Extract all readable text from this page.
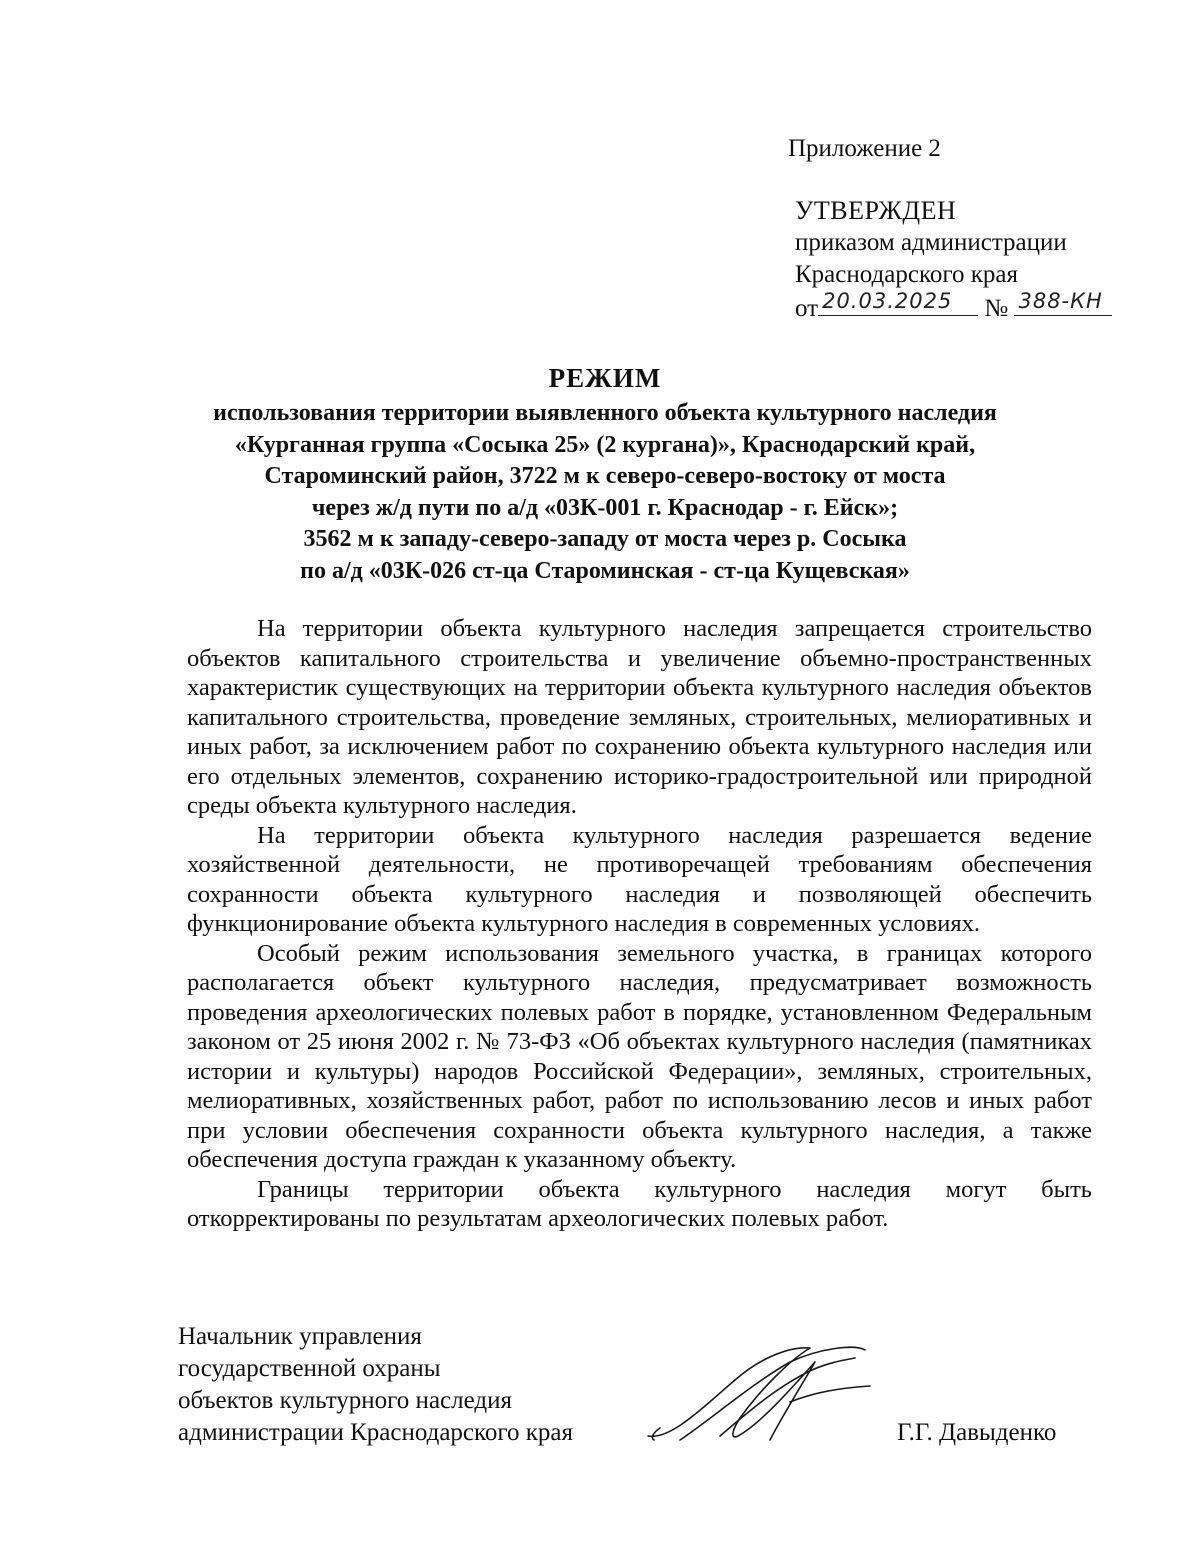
Приложение 2
УТВЕРЖДЕН
приказом администрации
Краснодарского края
от 20.03.2025 № 388-КН
РЕЖИМ
использования территории выявленного объекта культурного наследия
«Курганная группа «Сосыка 25» (2 кургана)», Краснодарский край,
Староминский район, 3722 м к северо-северо-востоку от моста
через ж/д пути по а/д «03К-001 г. Краснодар - г. Ейск»;
3562 м к западу-северо-западу от моста через р. Сосыка
по а/д «03К-026 ст-ца Староминская - ст-ца Кущевская»

На территории объекта культурного наследия запрещается строительство объектов капитального строительства и увеличение объемно-пространственных характеристик существующих на территории объекта культурного наследия объектов капитального строительства, проведение земляных, строительных, мелиоративных и иных работ, за исключением работ по сохранению объекта культурного наследия или его отдельных элементов, сохранению историко-градостроительной или природной среды объекта культурного наследия.

На территории объекта культурного наследия разрешается ведение хозяйственной деятельности, не противоречащей требованиям обеспечения сохранности объекта культурного наследия и позволяющей обеспечить функционирование объекта культурного наследия в современных условиях.

Особый режим использования земельного участка, в границах которого располагается объект культурного наследия, предусматривает возможность проведения археологических полевых работ в порядке, установленном Федеральным законом от 25 июня 2002 г. № 73-ФЗ «Об объектах культурного наследия (памятниках истории и культуры) народов Российской Федерации», земляных, строительных, мелиоративных, хозяйственных работ, работ по использованию лесов и иных работ при условии обеспечения сохранности объекта культурного наследия, а также обеспечения доступа граждан к указанному объекту.

Границы территории объекта культурного наследия могут быть откорректированы по результатам археологических полевых работ.

Начальник управления
государственной охраны
объектов культурного наследия
администрации Краснодарского края	Г.Г. Давыденко
